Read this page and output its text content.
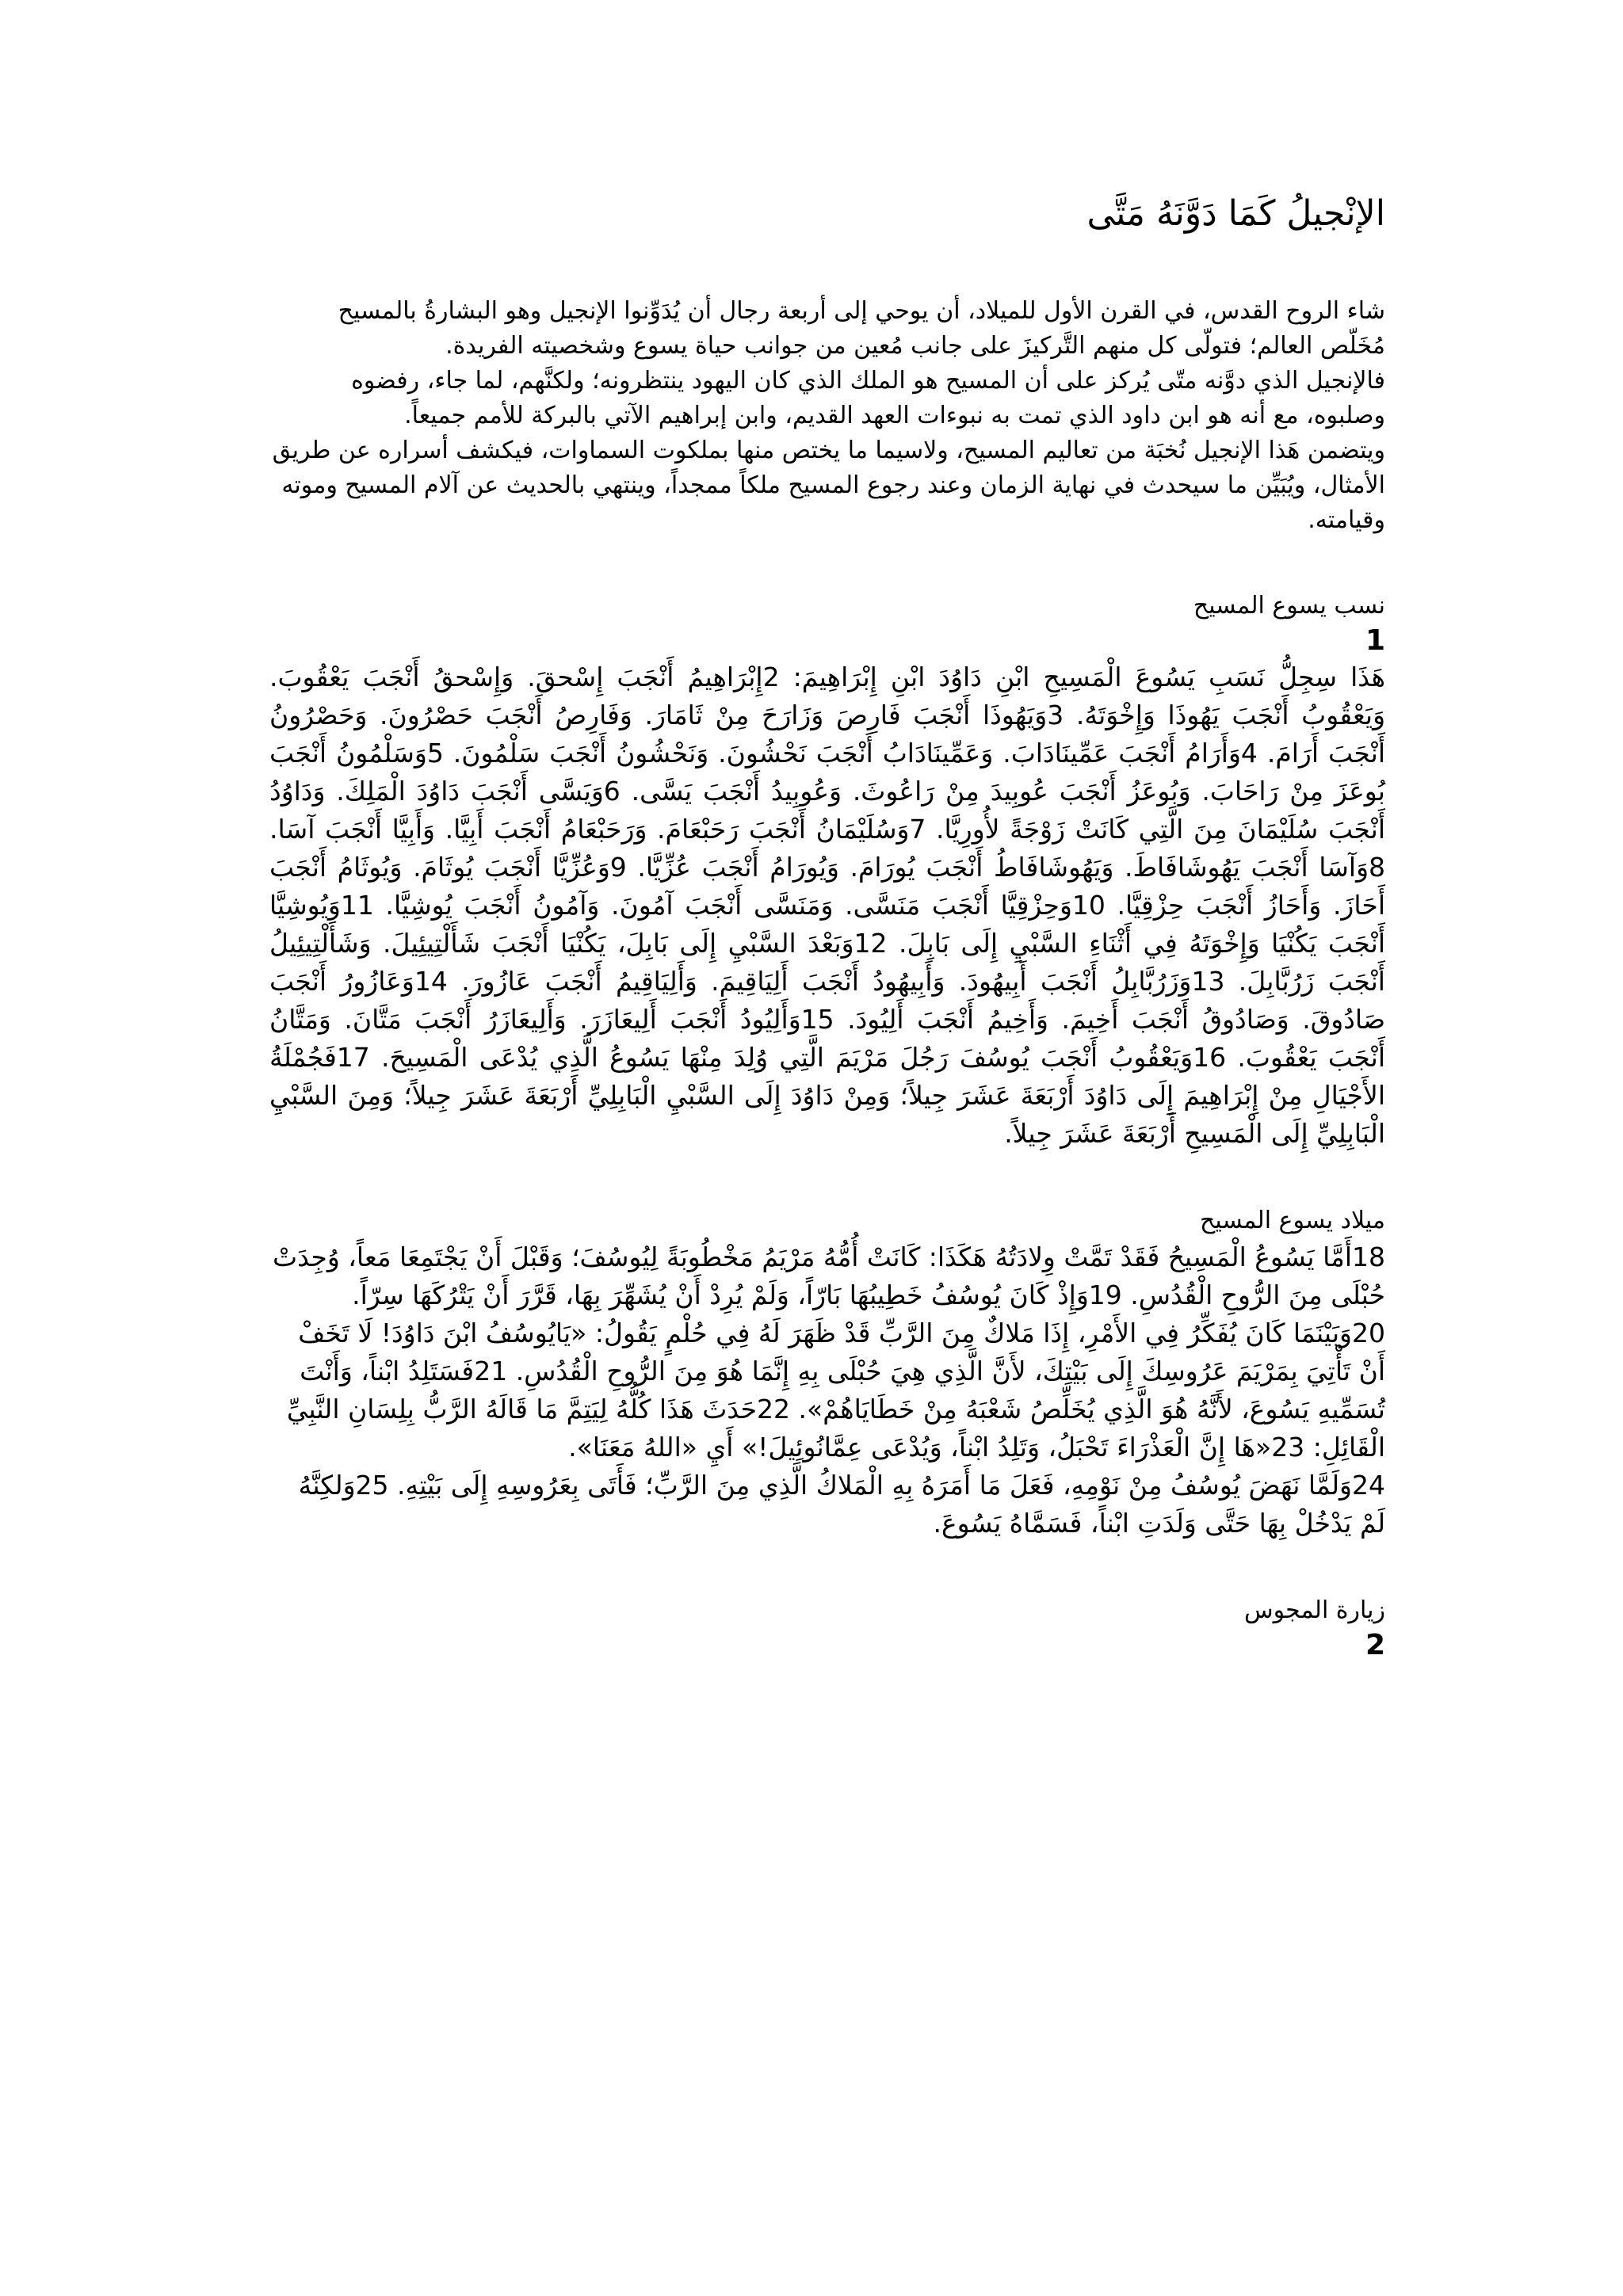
الإنْجيلُ كَمَا دَوَّنَهُ مَتَّى

شاء الروح القدس، في القرن الأول للميلاد، أن يوحي إلى أربعة رجال أن يُدَوِّنوا الإنجيل وهو البشارةُ بالمسيح مُخَلّص العالم؛ فتولّى كل منهم التَّركيزَ على جانب مُعين من جوانب حياة يسوع وشخصيته الفريدة.

فالإنجيل الذي دوَّنه متّى يُركز على أن المسيح هو الملك الذي كان اليهود ينتظرونه؛ ولكنَّهم، لما جاء، رفضوه وصلبوه، مع أنه هو ابن داود الذي تمت به نبوءات العهد القديم، وابن إبراهيم الآتي بالبركة للأمم جميعاً.

ويتضمن هَذا الإنجيل نُخبَة من تعاليم المسيح، ولاسيما ما يختص منها بملكوت السماوات، فيكشف أسراره عن طريق الأمثال، ويُبَيِّن ما سيحدث في نهاية الزمان وعند رجوع المسيح ملكاً ممجداً، وينتهي بالحديث عن آلام المسيح وموته وقيامته.

نسب يسوع المسيح
1

هَذَا سِجِلُّ نَسَبِ يَسُوعَ الْمَسِيحِ ابْنِ دَاوُدَ ابْنِ إِبْرَاهِيمَ: 2إِبْرَاهِيمُ أَنْجَبَ إِسْحقَ. وَإِسْحقُ أَنْجَبَ يَعْقُوبَ. وَيَعْقُوبُ أَنْجَبَ يَهُوذَا وَإِخْوَتَهُ. 3وَيَهُوذَا أَنْجَبَ فَارِصَ وَزَارَحَ مِنْ ثَامَارَ. وَفَارِصُ أَنْجَبَ حَصْرُونَ. وَحَصْرُونُ أَنْجَبَ أَرَامَ. 4وَأَرَامُ أَنْجَبَ عَمِّينَادَابَ. وَعَمِّينَادَابُ أَنْجَبَ نَحْشُونَ. وَنَحْشُونُ أَنْجَبَ سَلْمُونَ. 5وَسَلْمُونُ أَنْجَبَ بُوعَزَ مِنْ رَاحَابَ. وَبُوعَزُ أَنْجَبَ عُوبِيدَ مِنْ رَاعُوثَ. وَعُوبِيدُ أَنْجَبَ يَسَّى. 6وَيَسَّى أَنْجَبَ دَاوُدَ الْمَلِكَ. وَدَاوُدُ أَنْجَبَ سُلَيْمَانَ مِنَ الَّتِي كَانَتْ زَوْجَةً لأُورِيَّا. 7وَسُلَيْمَانُ أَنْجَبَ رَحَبْعَامَ. وَرَحَبْعَامُ أَنْجَبَ أَبِيَّا. وَأَبِيَّا أَنْجَبَ آسَا. 8وَآسَا أَنْجَبَ يَهُوشَافَاطَ. وَيَهُوشَافَاطُ أَنْجَبَ يُورَامَ. وَيُورَامُ أَنْجَبَ عُزِّيَّا. 9وَعُزِّيَّا أَنْجَبَ يُوثَامَ. وَيُوثَامُ أَنْجَبَ أَحَازَ. وَأَحَازُ أَنْجَبَ حِزْقِيَّا. 10وَحِزْقِيَّا أَنْجَبَ مَنَسَّى. وَمَنَسَّى أَنْجَبَ آمُونَ. وَآمُونُ أَنْجَبَ يُوشِيَّا. 11وَيُوشِيَّا أَنْجَبَ يَكُنْيَا وَإِخْوَتَهُ فِي أَثْنَاءِ السَّبْيِ إِلَى بَابِلَ. 12وَبَعْدَ السَّبْيِ إِلَى بَابِلَ، يَكُنْيَا أَنْجَبَ شَأَلْتِيئِيلَ. وَشَأَلْتِيئِيلُ أَنْجَبَ زَرُبَّابِلَ. 13وَزَرُبَّابِلُ أَنْجَبَ أَبِيهُودَ. وَأَبِيهُودُ أَنْجَبَ أَلِيَاقِيمَ. وَأَلِيَاقِيمُ أَنْجَبَ عَازُورَ. 14وَعَازُورُ أَنْجَبَ صَادُوقَ. وَصَادُوقُ أَنْجَبَ أَخِيمَ. وَأَخِيمُ أَنْجَبَ أَلِيُودَ. 15وَأَلِيُودُ أَنْجَبَ أَلِيعَازَرَ. وَأَلِيعَازَرُ أَنْجَبَ مَتَّانَ. وَمَتَّانُ أَنْجَبَ يَعْقُوبَ. 16وَيَعْقُوبُ أَنْجَبَ يُوسُفَ رَجُلَ مَرْيَمَ الَّتِي وُلِدَ مِنْهَا يَسُوعُ الَّذِي يُدْعَى الْمَسِيحَ. 17فَجُمْلَةُ الأَجْيَالِ مِنْ إِبْرَاهِيمَ إِلَى دَاوُدَ أَرْبَعَةَ عَشَرَ جِيلاً؛ وَمِنْ دَاوُدَ إِلَى السَّبْيِ الْبَابِلِيِّ أَرْبَعَةَ عَشَرَ جِيلاً؛ وَمِنَ السَّبْيِ الْبَابِلِيِّ إِلَى الْمَسِيحِ أَرْبَعَةَ عَشَرَ جِيلاً.

ميلاد يسوع المسيح

18أَمَّا يَسُوعُ الْمَسِيحُ فَقَدْ تَمَّتْ وِلادَتُهُ هَكَذَا: كَانَتْ أُمُّهُ مَرْيَمُ مَخْطُوبَةً لِيُوسُفَ؛ وَقَبْلَ أَنْ يَجْتَمِعَا مَعاً، وُجِدَتْ حُبْلَى مِنَ الرُّوحِ الْقُدُسِ. 19وَإِذْ كَانَ يُوسُفُ خَطِيبُهَا بَارّاً، وَلَمْ يُرِدْ أَنْ يُشَهِّرَ بِهَا، قَرَّرَ أَنْ يَتْرُكَهَا سِرّاً. 20وَبَيْنَمَا كَانَ يُفَكِّرُ فِي الأَمْرِ، إِذَا مَلاكٌ مِنَ الرَّبِّ قَدْ ظَهَرَ لَهُ فِي حُلْمٍ يَقُولُ: «يَايُوسُفُ ابْنَ دَاوُدَ! لَا تَخَفْ أَنْ تَأْتِيَ بِمَرْيَمَ عَرُوسِكَ إِلَى بَيْتِكَ، لأَنَّ الَّذِي هِيَ حُبْلَى بِهِ إِنَّمَا هُوَ مِنَ الرُّوحِ الْقُدُسِ. 21فَسَتَلِدُ ابْناً، وَأَنْتَ تُسَمِّيهِ يَسُوعَ، لأَنَّهُ هُوَ الَّذِي يُخَلِّصُ شَعْبَهُ مِنْ خَطَايَاهُمْ». 22حَدَثَ هَذَا كُلُّهُ لِيَتِمَّ مَا قَالَهُ الرَّبُّ بِلِسَانِ النَّبِيِّ الْقَائِلِ: 23«هَا إِنَّ الْعَذْرَاءَ تَحْبَلُ، وَتَلِدُ ابْناً، وَيُدْعَى عِمَّانُوئِيلَ!» أَيِ «اللهُ مَعَنَا».

24وَلَمَّا نَهَضَ يُوسُفُ مِنْ نَوْمِهِ، فَعَلَ مَا أَمَرَهُ بِهِ الْمَلاكُ الَّذِي مِنَ الرَّبِّ؛ فَأَتَى بِعَرُوسِهِ إِلَى بَيْتِهِ. 25وَلكِنَّهُ لَمْ يَدْخُلْ بِهَا حَتَّى وَلَدَتِ ابْناً، فَسَمَّاهُ يَسُوعَ.

زيارة المجوس
2
